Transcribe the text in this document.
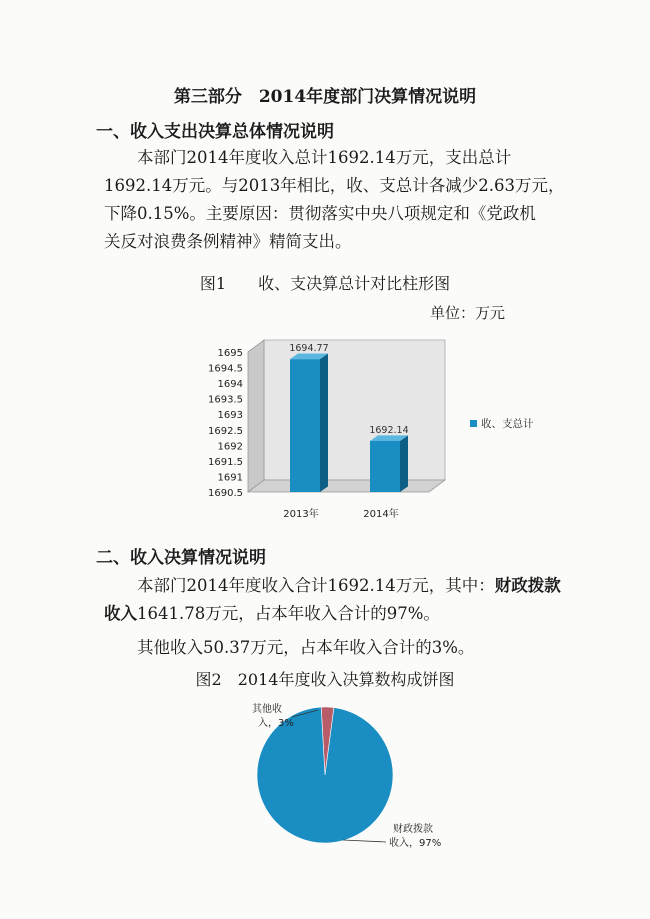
第三部分　2014年度部门决算情况说明
一、收入支出决算总体情况说明
本部门2014年度收入总计1692.14万元，支出总计
1692.14万元。与2013年相比，收、支总计各减少2.63万元，
下降0.15%。主要原因：贯彻落实中央八项规定和《党政机
关反对浪费条例精神》精简支出。
图1　　收、支决算总计对比柱形图
单位：万元
1690.5
1691
1691.5
1692
1692.5
1693
1693.5
1694
1694.5
1695	1694.77
2013年
1692.14
2014年
收、支总计
二、收入决算情况说明
本部门2014年度收入合计1692.14万元，其中：财政拨款
收入1641.78万元，占本年收入合计的97%。
其他收入50.37万元，占本年收入合计的3%。
图2　2014年度收入决算数构成饼图
其他收
入，3%
财政拨款
收入，97%
